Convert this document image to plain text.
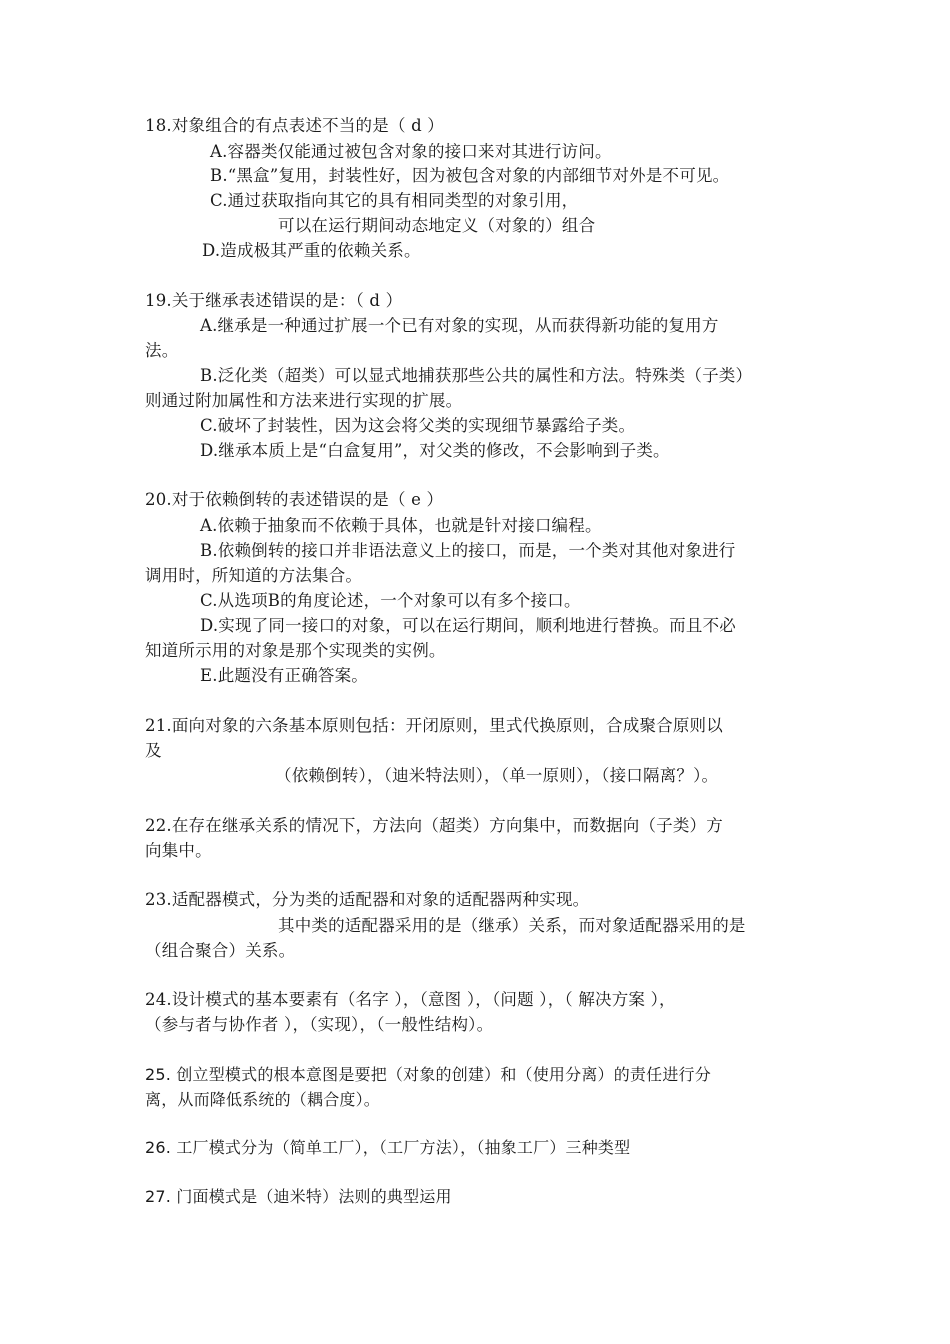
18.对象组合的有点表述不当的是（ d ）
A.容器类仅能通过被包含对象的接口来对其进行访问。
B.“黑盒”复用，封装性好，因为被包含对象的内部细节对外是不可见。
C.通过获取指向其它的具有相同类型的对象引用，
可以在运行期间动态地定义（对象的）组合
D.造成极其严重的依赖关系。
19.关于继承表述错误的是：（ d ）
A.继承是一种通过扩展一个已有对象的实现，从而获得新功能的复用方
法。
B.泛化类（超类）可以显式地捕获那些公共的属性和方法。特殊类（子类）
则通过附加属性和方法来进行实现的扩展。
C.破坏了封装性，因为这会将父类的实现细节暴露给子类。
D.继承本质上是“白盒复用”，对父类的修改，不会影响到子类。
20.对于依赖倒转的表述错误的是（ e ）
A.依赖于抽象而不依赖于具体，也就是针对接口编程。
B.依赖倒转的接口并非语法意义上的接口，而是，一个类对其他对象进行
调用时，所知道的方法集合。
C.从选项B的角度论述，一个对象可以有多个接口。
D.实现了同一接口的对象，可以在运行期间，顺利地进行替换。而且不必
知道所示用的对象是那个实现类的实例。
E.此题没有正确答案。
21.面向对象的六条基本原则包括：开闭原则，里式代换原则，合成聚合原则以
及
（依赖倒转），（迪米特法则），（单一原则），（接口隔离？）。
22.在存在继承关系的情况下，方法向（超类）方向集中，而数据向（子类）方
向集中。
23.适配器模式，分为类的适配器和对象的适配器两种实现。
其中类的适配器采用的是（继承）关系，而对象适配器采用的是
（组合聚合）关系。
24.设计模式的基本要素有（名字 ），（意图 ），（问题 ），（ 解决方案 ），
（参与者与协作者 ），（实现），（一般性结构）。
25. 创立型模式的根本意图是要把（对象的创建）和（使用分离）的责任进行分
离，从而降低系统的（耦合度）。
26. 工厂模式分为（简单工厂），（工厂方法），（抽象工厂）三种类型
27. 门面模式是（迪米特）法则的典型运用
